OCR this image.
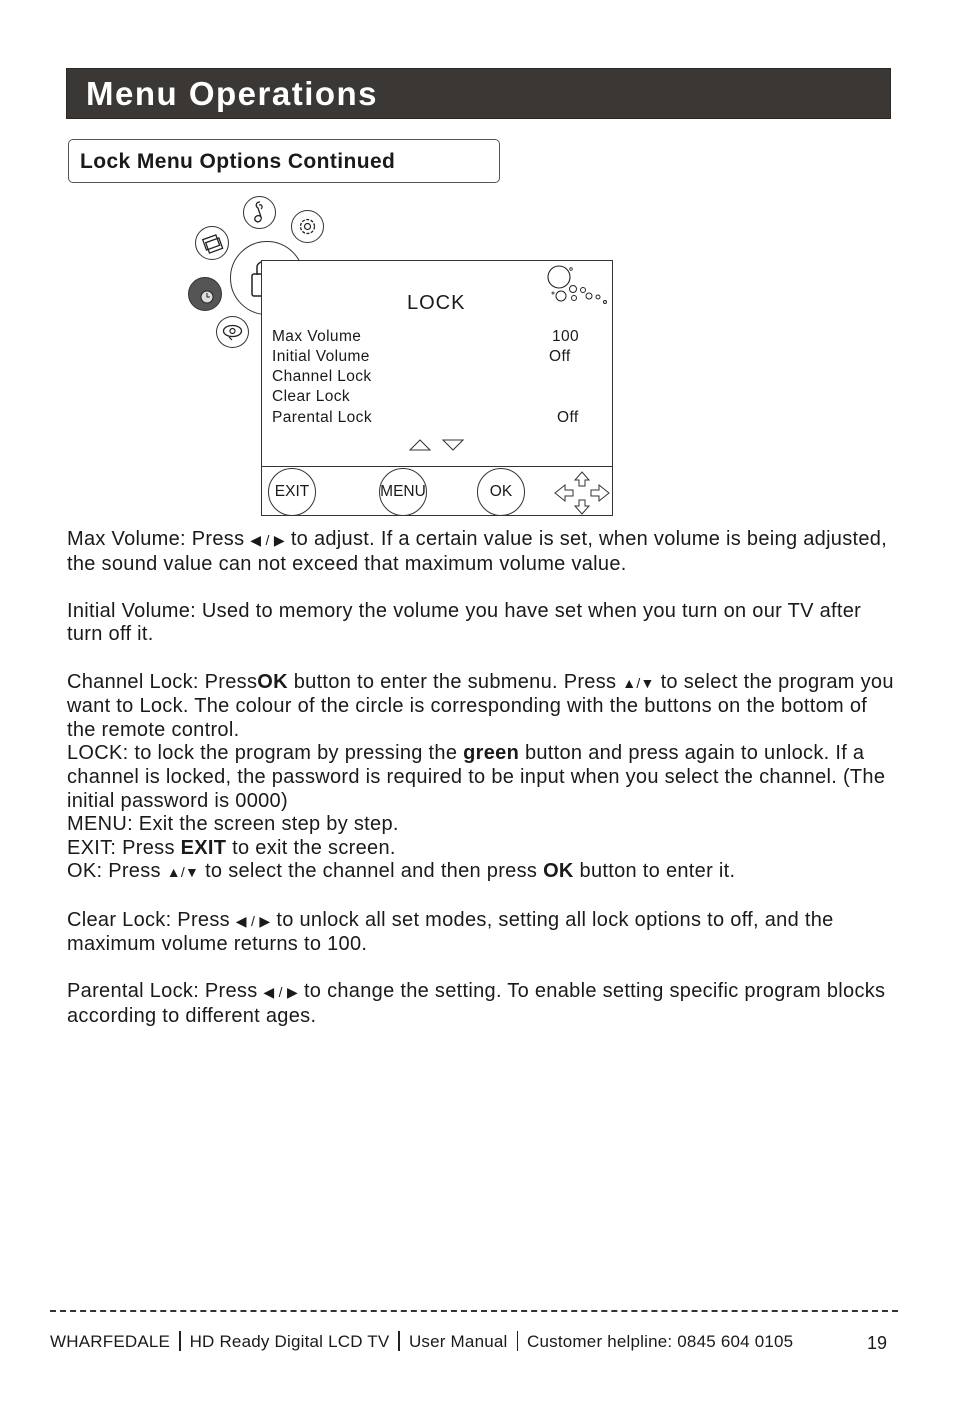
Menu Operations
Lock Menu Options Continued
LOCK
Max Volume	100
Initial Volume	Off
Channel Lock
Clear Lock
Parental Lock	Off
EXIT	MENU	OK

Max Volume: Press ◀ / ▶ to adjust. If a certain value is set, when volume is being adjusted, the sound value can not exceed that maximum volume value.

Initial Volume: Used to memory the volume you have set when you turn on our TV after turn off it.

Channel Lock: PressOK button to enter the submenu. Press ▲/▼ to select the program you want to Lock. The colour of the circle is corresponding with the buttons on the bottom of the remote control.

LOCK: to lock the program by pressing the green button and press again to unlock. If a channel is locked, the password is required to be input when you select the channel. (The initial password is 0000)

MENU: Exit the screen step by step.

EXIT: Press EXIT to exit the screen.

OK: Press ▲/▼ to select the channel and then press OK button to enter it.

Clear Lock: Press ◀ / ▶ to unlock all set modes, setting all lock options to off, and the maximum volume returns to 100.

Parental Lock: Press ◀ / ▶ to change the setting. To enable setting specific program blocks according to different ages.

WHARFEDALE HD Ready Digital LCD TV User Manual Customer helpline: 0845 604 0105	19
